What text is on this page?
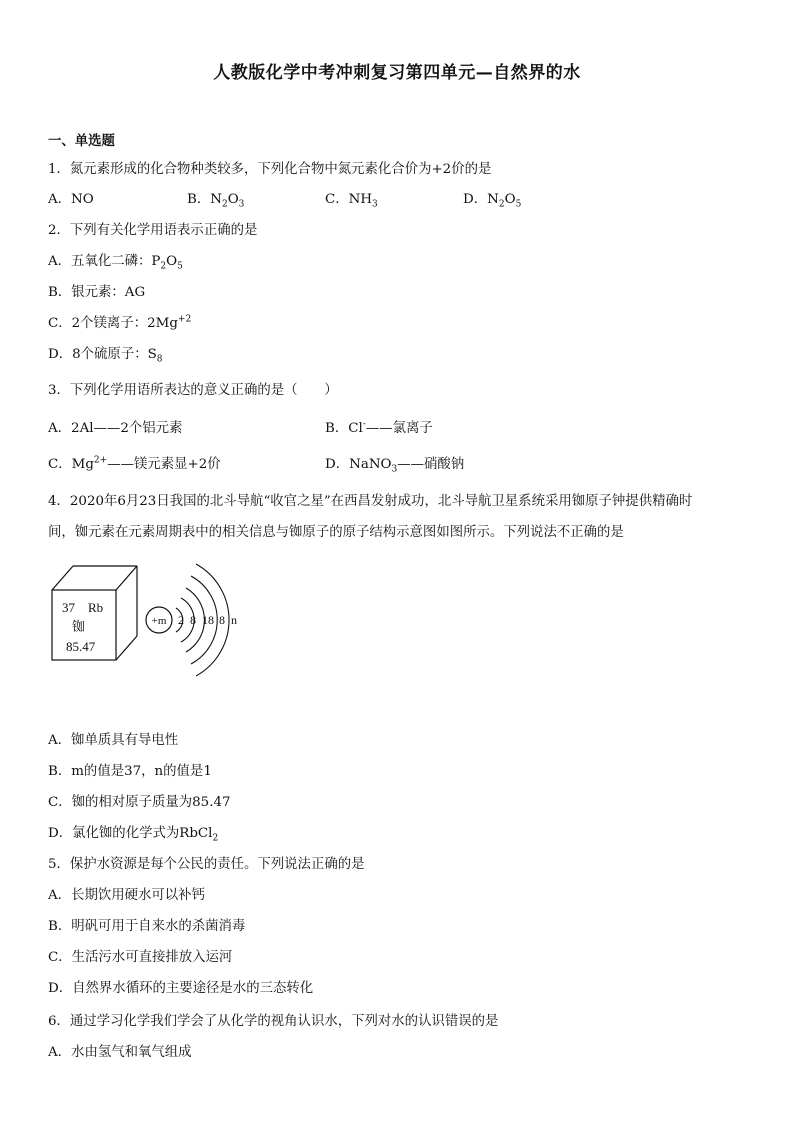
人教版化学中考冲刺复习第四单元—自然界的水
一、单选题
1．氮元素形成的化合物种类较多，下列化合物中氮元素化合价为+2价的是
A．NO	B．$N_2O_3$	C．$NH_3$	D．$N_2O_5$
2．下列有关化学用语表示正确的是
A．五氧化二磷：$P_2O_5$
B．银元素：AG
C．2个镁离子：$2Mg^{+2}$
D．8个硫原子：$S_8$
3．下列化学用语所表达的意义正确的是（　　）
A．2Al——2个铝元素	B．Cl-——氯离子
C．$Mg^{2+}——$镁元素显+2价	D．NaNO$_3$——硝酸钠
4．2020年6月23日我国的北斗导航“收官之星”在西昌发射成功，北斗导航卫星系统采用铷原子钟提供精确时
间，铷元素在元素周期表中的相关信息与铷原子的原子结构示意图如图所示。下列说法不正确的是
37 Rb
铷
85.47
+m 2 8 18 8 n
A．铷单质具有导电性
B．m的值是37，n的值是1
C．铷的相对原子质量为85.47
D．氯化铷的化学式为RbCl$_2$
5．保护水资源是每个公民的责任。下列说法正确的是
A．长期饮用硬水可以补钙
B．明矾可用于自来水的杀菌消毒
C．生活污水可直接排放入运河
D．自然界水循环的主要途径是水的三态转化
6．通过学习化学我们学会了从化学的视角认识水，下列对水的认识错误的是
A．水由氢气和氧气组成
